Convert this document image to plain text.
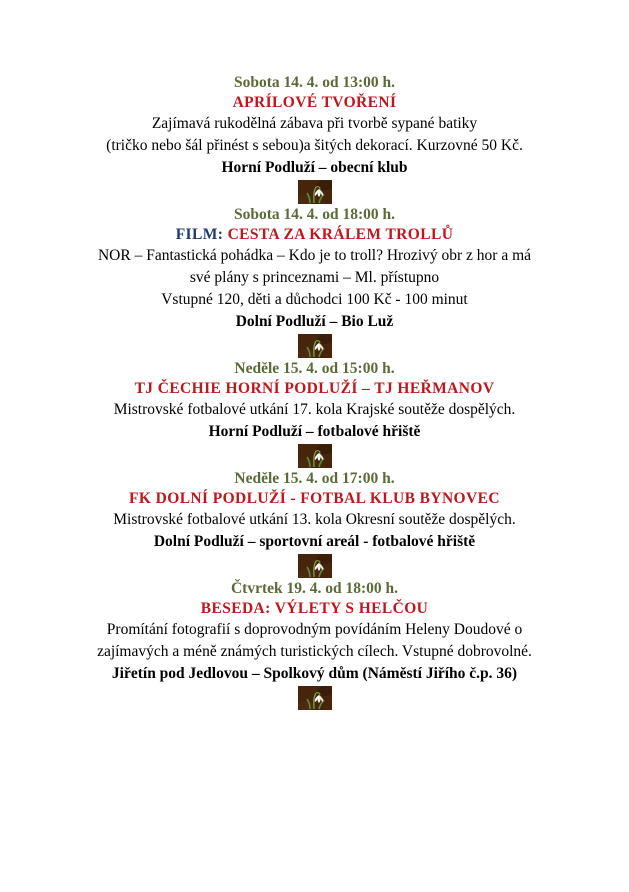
Sobota 14. 4. od 13:00 h.
APRÍLOVÉ TVOŘENÍ
Zajímavá rukodělná zábava při tvorbě sypané batiky
(tričko nebo šál přinést s sebou)a šitých dekorací. Kurzovné 50 Kč.
Horní Podluží – obecní klub
Sobota 14. 4. od 18:00 h.
FILM: CESTA ZA KRÁLEM TROLLŮ
NOR – Fantastická pohádka – Kdo je to troll? Hrozivý obr z hor a má
své plány s princeznami – Ml. přístupno
Vstupné 120, děti a důchodci 100 Kč - 100 minut
Dolní Podluží – Bio Luž
Neděle 15. 4. od 15:00 h.
TJ ČECHIE HORNÍ PODLUŽÍ – TJ HEŘMANOV
Mistrovské fotbalové utkání 17. kola Krajské soutěže dospělých.
Horní Podluží – fotbalové hřiště
Neděle 15. 4. od 17:00 h.
FK DOLNÍ PODLUŽÍ - FOTBAL KLUB BYNOVEC
Mistrovské fotbalové utkání 13. kola Okresní soutěže dospělých.
Dolní Podluží – sportovní areál - fotbalové hřiště
Čtvrtek 19. 4. od 18:00 h.
BESEDA: VÝLETY S HELČOU
Promítání fotografií s doprovodným povídáním Heleny Doudové o
zajímavých a méně známých turistických cílech. Vstupné dobrovolné.
Jiřetín pod Jedlovou – Spolkový dům (Náměstí Jiřího č.p. 36)
